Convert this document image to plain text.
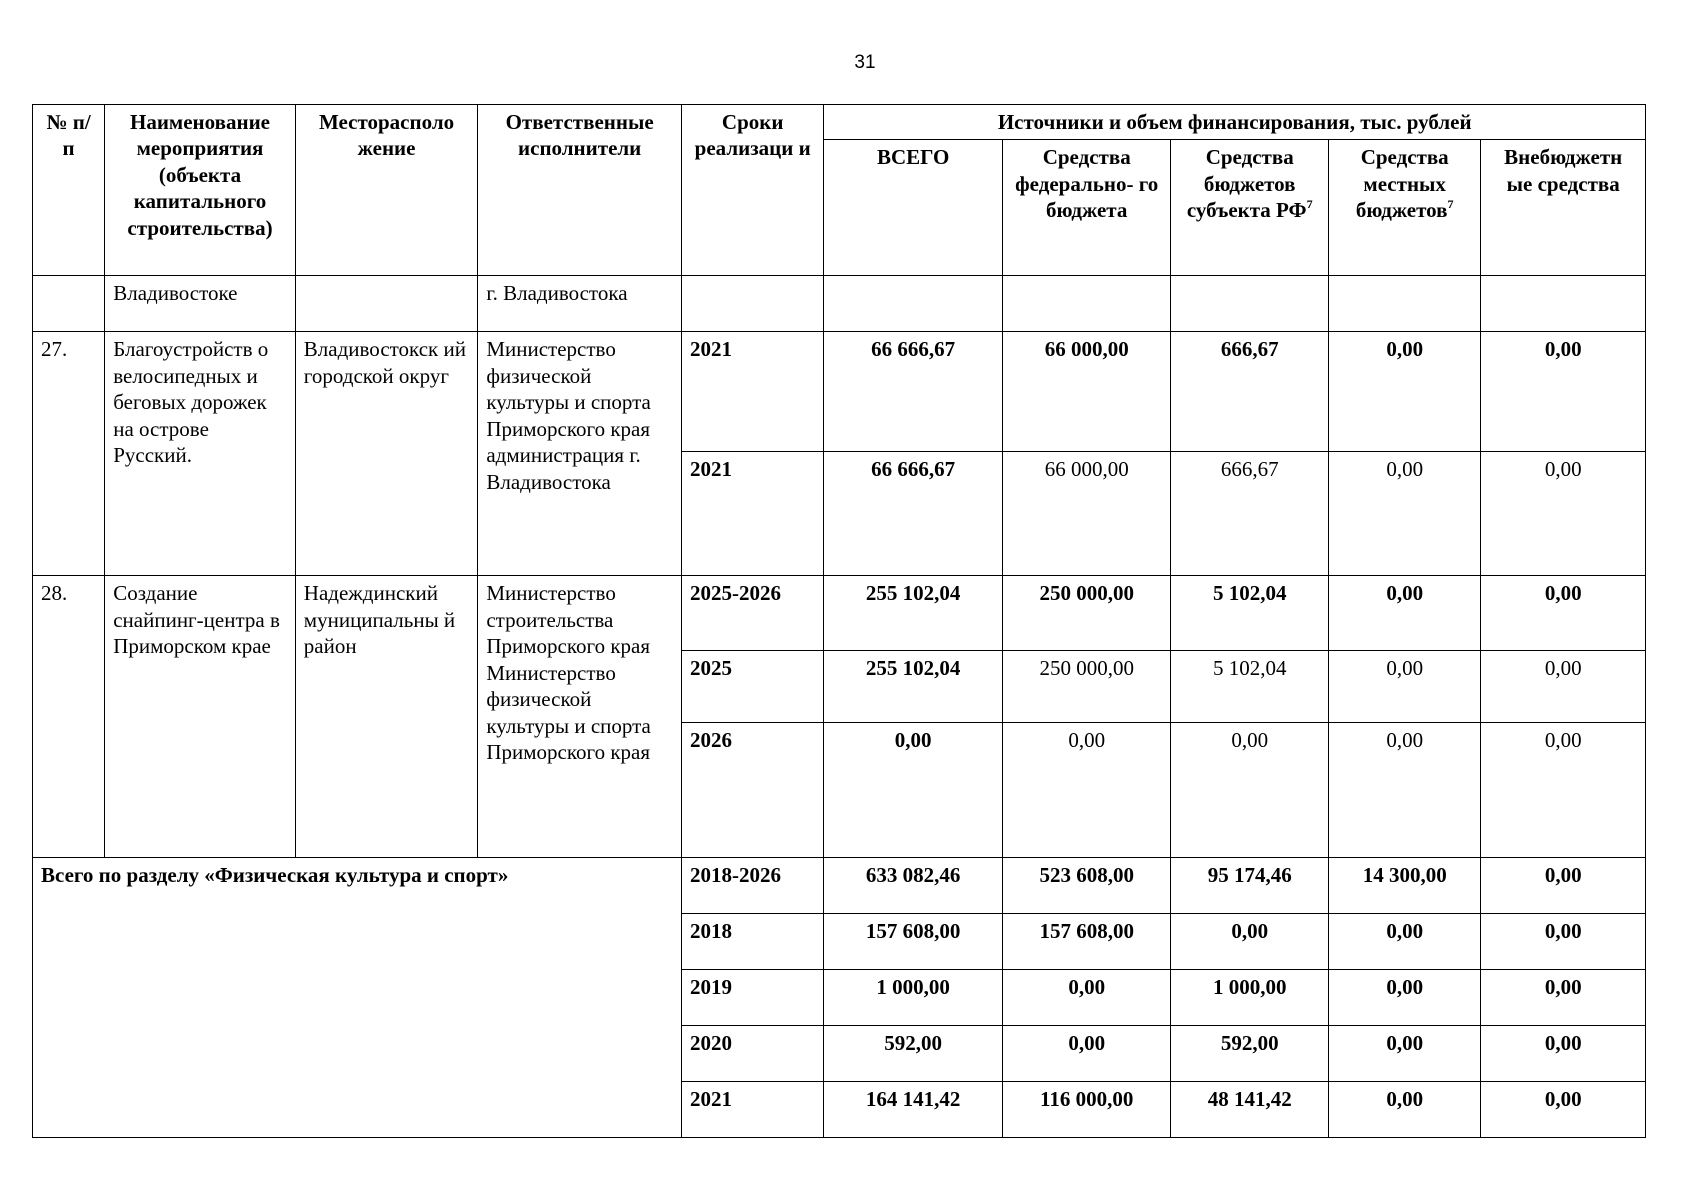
31
№ п/п	Наименование мероприятия (объекта капитального строительства)	Месторасполо жение	Ответственные исполнители	Сроки реализаци и	Источники и объем финансирования, тыс. рублей				
					ВСЕГО	Средства федерально- го бюджета	Средства бюджетов субъекта $РФ^7$	Средства местных бюджетов$^7$	Внебюджетн ые средства
	Владивостоке		г. Владивостока						
27.	Благоустройств о велосипедных и беговых дорожек на острове Русский.	Владивостокск ий городской округ	Министерство физической культуры и спорта Приморского края администрация г. Владивостока	2021	66 666,67	66 000,00	666,67	0,00	0,00
				2021	66 666,67	66 000,00	666,67	0,00	0,00
28.	Создание снайпинг-центра в Приморском крае	Надеждинский муниципальны й район	Министерство строительства Приморского края Министерство физической культуры и спорта Приморского края	2025-2026	255 102,04	250 000,00	5 102,04	0,00	0,00
				2025	255 102,04	250 000,00	5 102,04	0,00	0,00
				2026	0,00	0,00	0,00	0,00	0,00
Всего по разделу «Физическая культура и спорт»				2018-2026	633 082,46	523 608,00	95 174,46	14 300,00	0,00
				2018	157 608,00	157 608,00	0,00	0,00	0,00
				2019	1 000,00	0,00	1 000,00	0,00	0,00
				2020	592,00	0,00	592,00	0,00	0,00
				2021	164 141,42	116 000,00	48 141,42	0,00	0,00
